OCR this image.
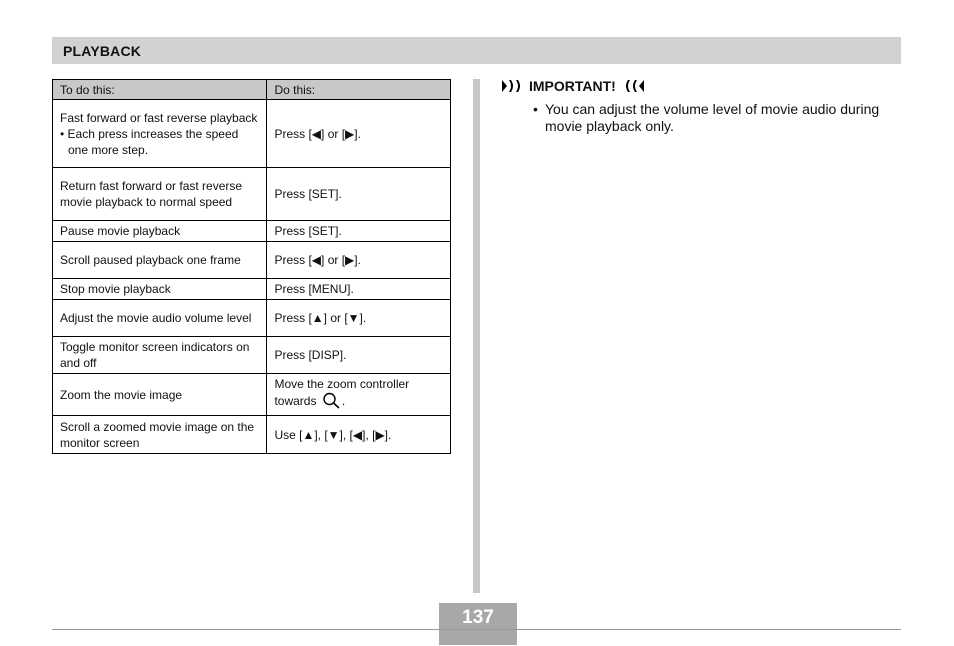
PLAYBACK
To do this:	Do this:
Fast forward or fast reverse playback
• Each press increases the speed one more step.	Press [◀] or [▶].
Return fast forward or fast reverse movie playback to normal speed	Press [SET].
Pause movie playback	Press [SET].
Scroll paused playback one frame	Press [◀] or [▶].
Stop movie playback	Press [MENU].
Adjust the movie audio volume level	Press [▲] or [▼].
Toggle monitor screen indicators on and off	Press [DISP].
Zoom the movie image	Move the zoom controller towards .
Scroll a zoomed movie image on the monitor screen	Use [▲], [▼], [◀], [▶].
IMPORTANT!
• You can adjust the volume level of movie audio during movie playback only.
137
